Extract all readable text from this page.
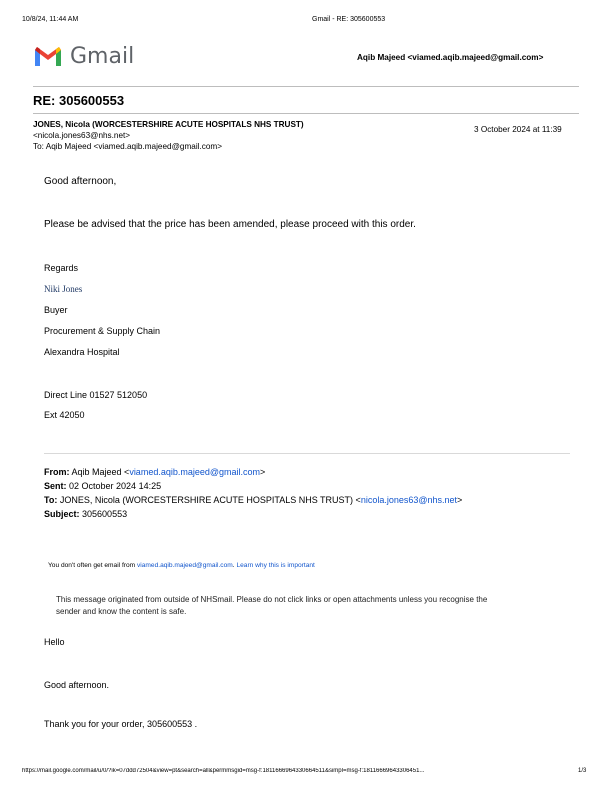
10/8/24, 11:44 AM	Gmail - RE: 305600553
Gmail	Aqib Majeed <viamed.aqib.majeed@gmail.com>
RE: 305600553
JONES, Nicola (WORCESTERSHIRE ACUTE HOSPITALS NHS TRUST)
<nicola.jones63@nhs.net>
To: Aqib Majeed <viamed.aqib.majeed@gmail.com>
3 October 2024 at 11:39
Good afternoon,
Please be advised that the price has been amended, please proceed with this order.
Regards
Niki Jones
Buyer
Procurement & Supply Chain
Alexandra Hospital
Direct Line 01527 512050
Ext 42050
From: Aqib Majeed <viamed.aqib.majeed@gmail.com>
Sent: 02 October 2024 14:25
To: JONES, Nicola (WORCESTERSHIRE ACUTE HOSPITALS NHS TRUST) <nicola.jones63@nhs.net>
Subject: 305600553
You don't often get email from viamed.aqib.majeed@gmail.com. Learn why this is important
This message originated from outside of NHSmail. Please do not click links or open attachments unless you recognise the
sender and know the content is safe.
Hello
Good afternoon.
Thank you for your order, 305600553 .
https://mail.google.com/mail/u/0/?ik=07ddd72504&view=pt&search=all&permmsgid=msg-f:1811666964330664511&simpl=msg-f:18116669643306451...	1/3
